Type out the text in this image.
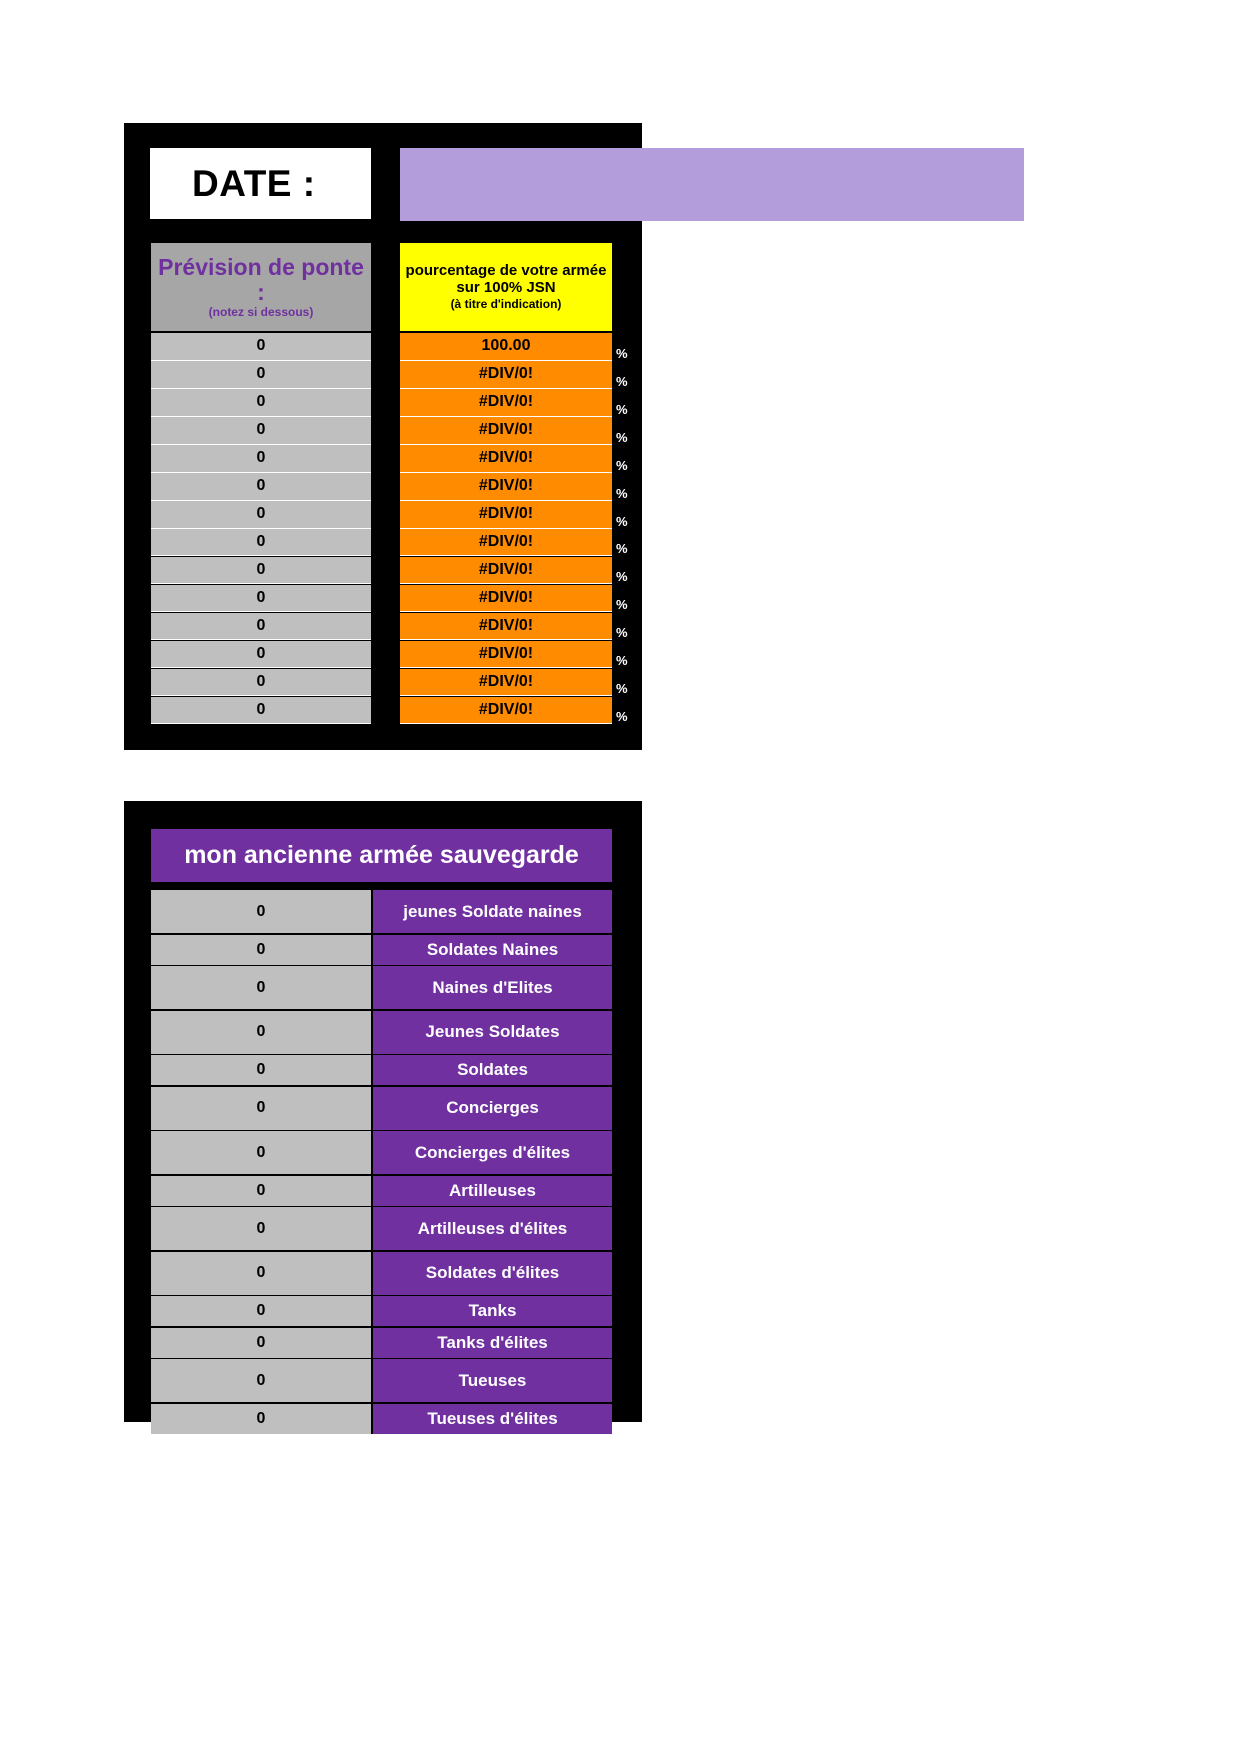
DATE :
Prévision de ponte :
(notez si dessous)
pourcentage de votre armée sur 100% JSN
(à titre d'indication)
0	100.00	%
0	#DIV/0!	%
0	#DIV/0!	%
0	#DIV/0!	%
0	#DIV/0!	%
0	#DIV/0!	%
0	#DIV/0!	%
0	#DIV/0!	%
0	#DIV/0!	%
0	#DIV/0!	%
0	#DIV/0!	%
0	#DIV/0!	%
0	#DIV/0!	%
0	#DIV/0!	%
mon ancienne armée sauvegarde
0	jeunes Soldate naines
0	Soldates Naines
0	Naines d'Elites
0	Jeunes Soldates
0	Soldates
0	Concierges
0	Concierges d'élites
0	Artilleuses
0	Artilleuses d'élites
0	Soldates d'élites
0	Tanks
0	Tanks d'élites
0	Tueuses
0	Tueuses d'élites
